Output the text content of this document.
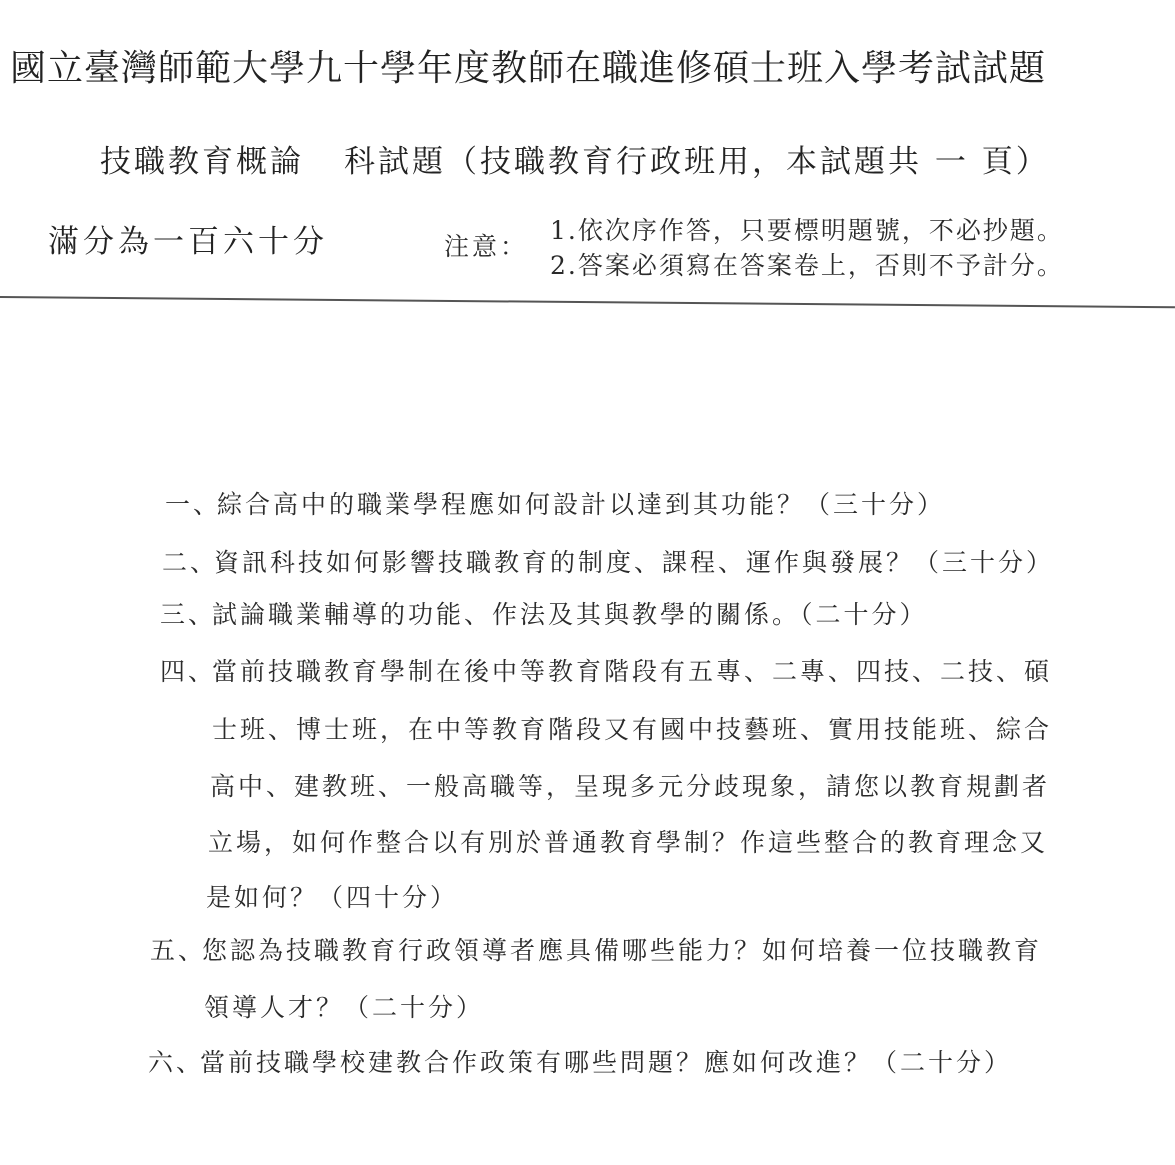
國立臺灣師範大學九十學年度教師在職進修碩士班入學考試試題
技職教育概論 科試題（技職教育行政班用，本試題共 一 頁）
滿分為一百六十分	注意：
1.依次序作答，只要標明題號，不必抄題。
2.答案必須寫在答案卷上，否則不予計分。
一、綜合高中的職業學程應如何設計以達到其功能？（三十分）
二、資訊科技如何影響技職教育的制度、課程、運作與發展？（三十分）
三、試論職業輔導的功能、作法及其與教學的關係。（二十分）
四、當前技職教育學制在後中等教育階段有五專、二專、四技、二技、碩
士班、博士班，在中等教育階段又有國中技藝班、實用技能班、綜合
高中、建教班、一般高職等，呈現多元分歧現象，請您以教育規劃者
立場，如何作整合以有別於普通教育學制？作這些整合的教育理念又
是如何？（四十分）
五、您認為技職教育行政領導者應具備哪些能力？如何培養一位技職教育
領導人才？（二十分）
六、當前技職學校建教合作政策有哪些問題？應如何改進？（二十分）
